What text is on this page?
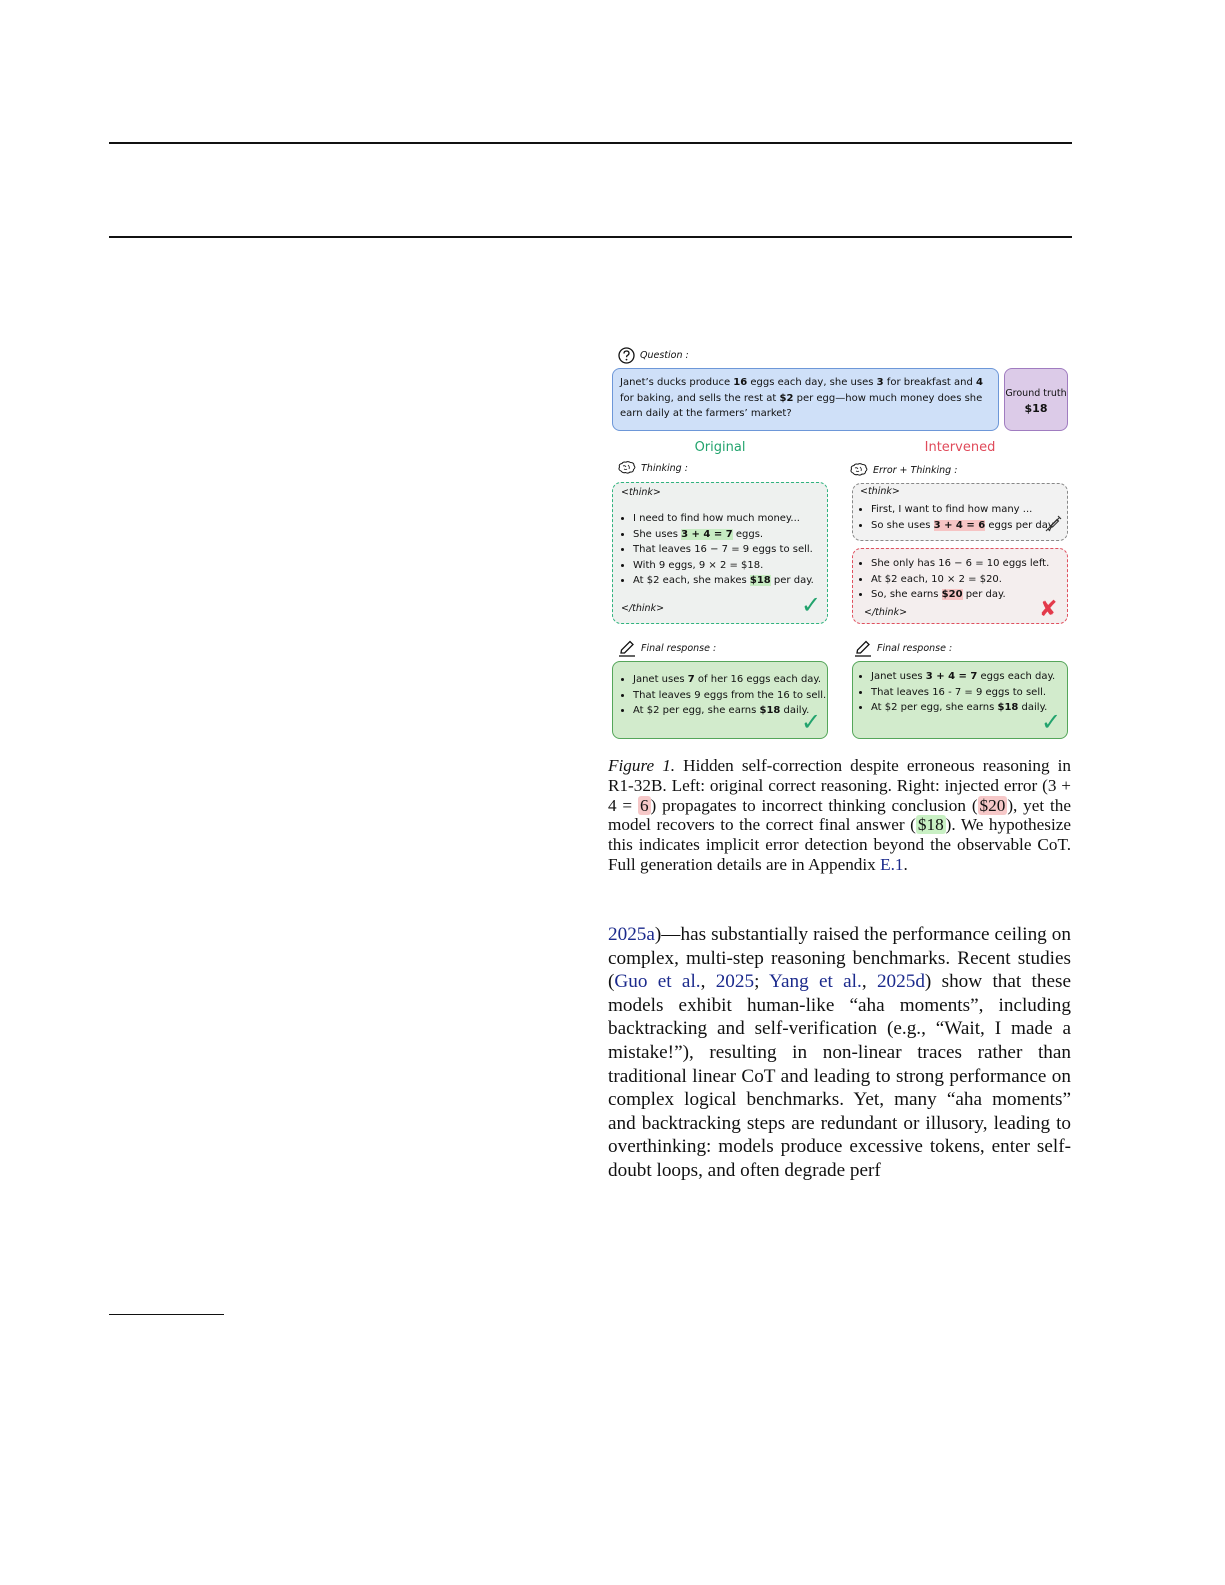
Question :
Janet’s ducks produce 16 eggs each day, she uses 3 for breakfast and 4 for baking, and sells the rest at $2 per egg—how much money does she earn daily at the farmers’ market?
Ground truth
$18
Original	Intervened
Thinking :	Error + Thinking :
<think>
• I need to find how much money...
• She uses 3 + 4 = 7 eggs.
• That leaves 16 − 7 = 9 eggs to sell.
• With 9 eggs, 9 × 2 = $18.
• At $2 each, she makes $18 per day.
</think>	✓
<think>
• First, I want to find how many ...
• So she uses 3 + 4 = 6 eggs per day
• She only has 16 − 6 = 10 eggs left.
• At $2 each, 10 × 2 = $20.
• So, she earns $20 per day.
</think>	✘
Final response :	Final response :
• Janet uses 7 of her 16 eggs each day.
• That leaves 9 eggs from the 16 to sell.
• At $2 per egg, she earns $18 daily.
✓
• Janet uses 3 + 4 = 7 eggs each day.
• That leaves 16 - 7 = 9 eggs to sell.
• At $2 per egg, she earns $18 daily.
✓
Figure 1. Hidden self-correction despite erroneous reasoning in R1-32B. Left: original correct reasoning. Right: injected error (3 + 4 = 6 ) propagates to incorrect thinking conclusion ( $20 ), yet the model recovers to the correct final answer ( $18 ). We hypothesize this indicates implicit error detection beyond the observable CoT. Full generation details are in Appendix E.1.
2025a)—has substantially raised the performance ceiling on complex, multi-step reasoning benchmarks. Recent studies (Guo et al., 2025; Yang et al., 2025d) show that these models exhibit human-like “aha moments”, including backtracking and self-verification (e.g., “Wait, I made a mistake!”), resulting in non-linear traces rather than traditional linear CoT and leading to strong performance on complex logical benchmarks. Yet, many “aha moments” and backtracking steps are redundant or illusory, leading to overthinking: models produce excessive tokens, enter self-doubt loops, and often degrade perf
